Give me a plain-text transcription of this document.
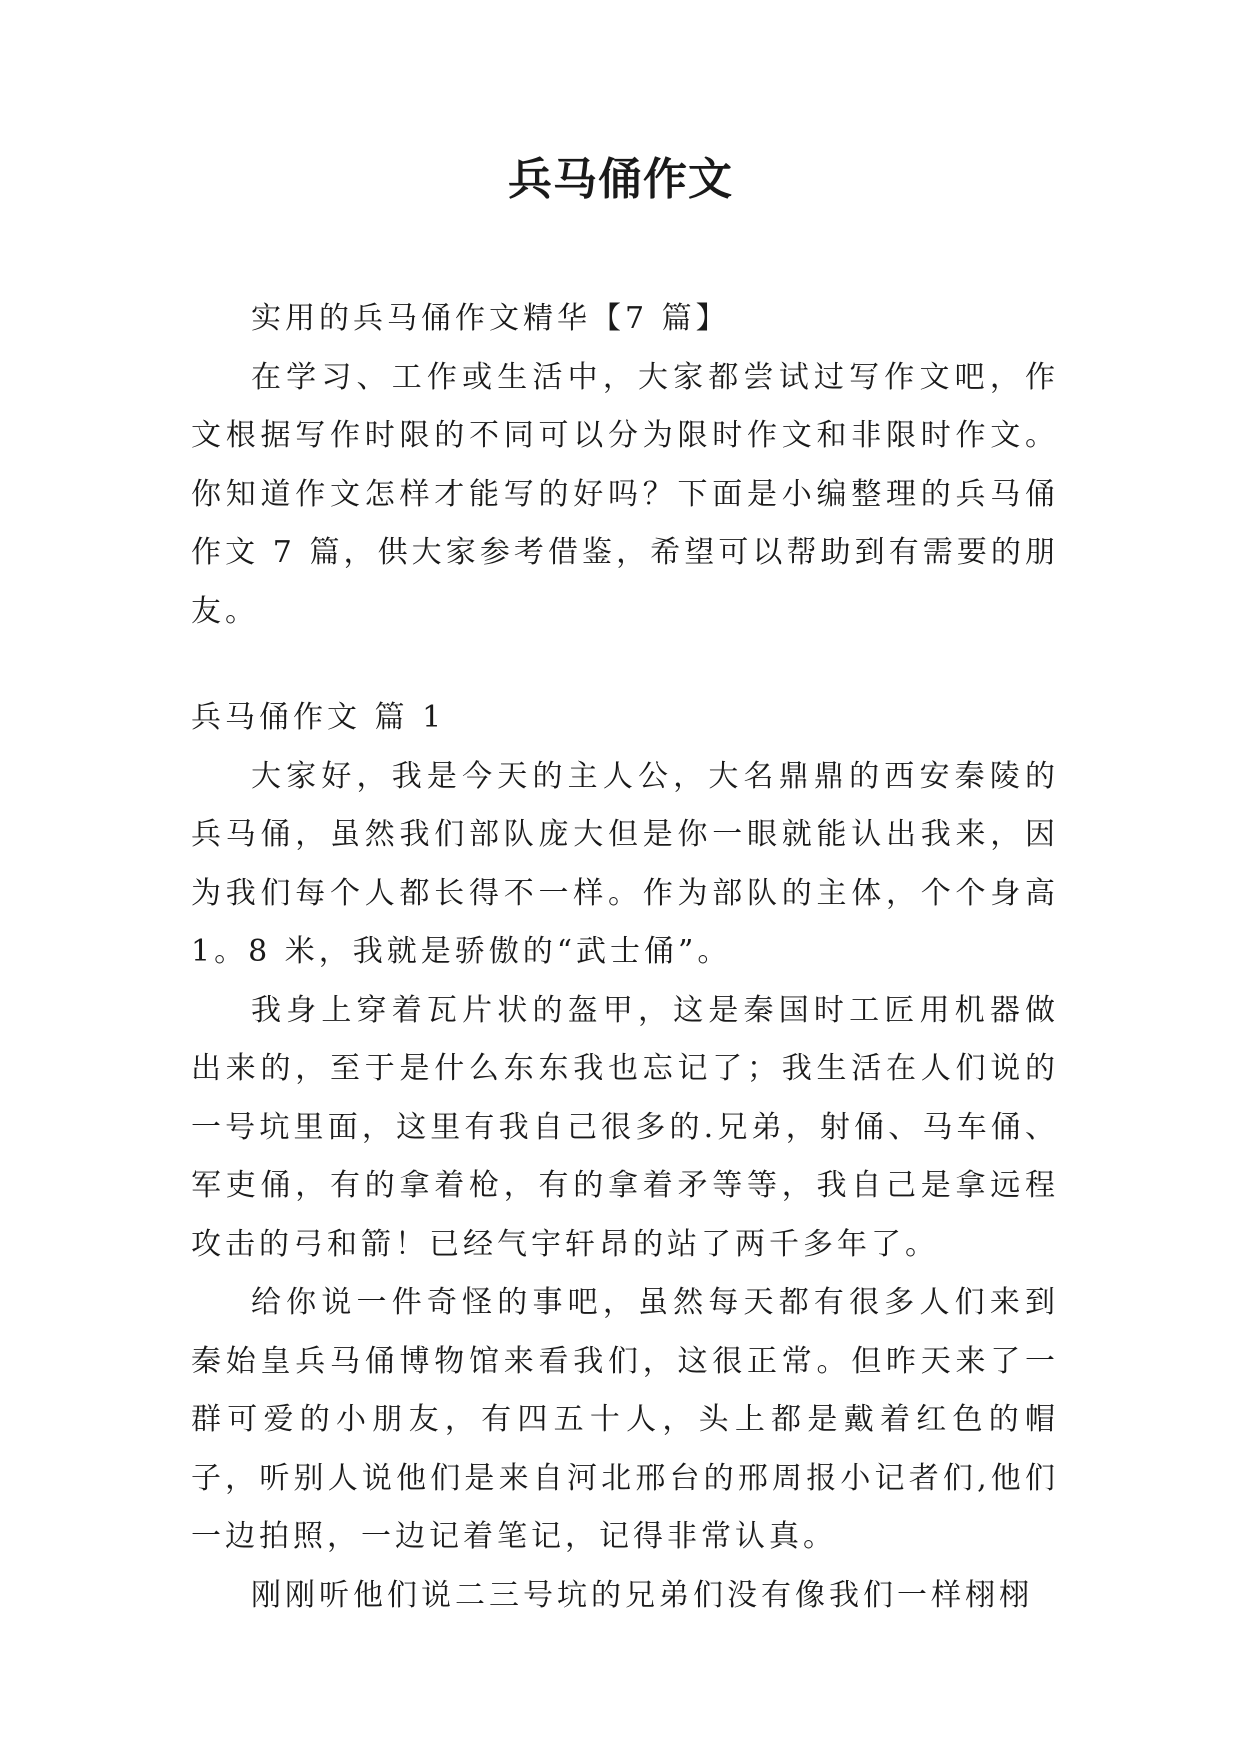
兵马俑作文

实用的兵马俑作文精华【7 篇】

在学习、工作或生活中，大家都尝试过写作文吧，作文根据写作时限的不同可以分为限时作文和非限时作文。你知道作文怎样才能写的好吗？下面是小编整理的兵马俑作文 7 篇，供大家参考借鉴，希望可以帮助到有需要的朋友。

兵马俑作文 篇 1

大家好，我是今天的主人公，大名鼎鼎的西安秦陵的兵马俑，虽然我们部队庞大但是你一眼就能认出我来，因为我们每个人都长得不一样。作为部队的主体，个个身高 1。8 米，我就是骄傲的“武士俑”。

我身上穿着瓦片状的盔甲，这是秦国时工匠用机器做出来的，至于是什么东东我也忘记了；我生活在人们说的一号坑里面，这里有我自己很多的.兄弟，射俑、马车俑、军吏俑，有的拿着枪，有的拿着矛等等，我自己是拿远程攻击的弓和箭！已经气宇轩昂的站了两千多年了。

给你说一件奇怪的事吧，虽然每天都有很多人们来到秦始皇兵马俑博物馆来看我们，这很正常。但昨天来了一群可爱的小朋友，有四五十人，头上都是戴着红色的帽子，听别人说他们是来自河北邢台的邢周报小记者们,他们一边拍照，一边记着笔记，记得非常认真。

刚刚听他们说二三号坑的兄弟们没有像我们一样栩栩
